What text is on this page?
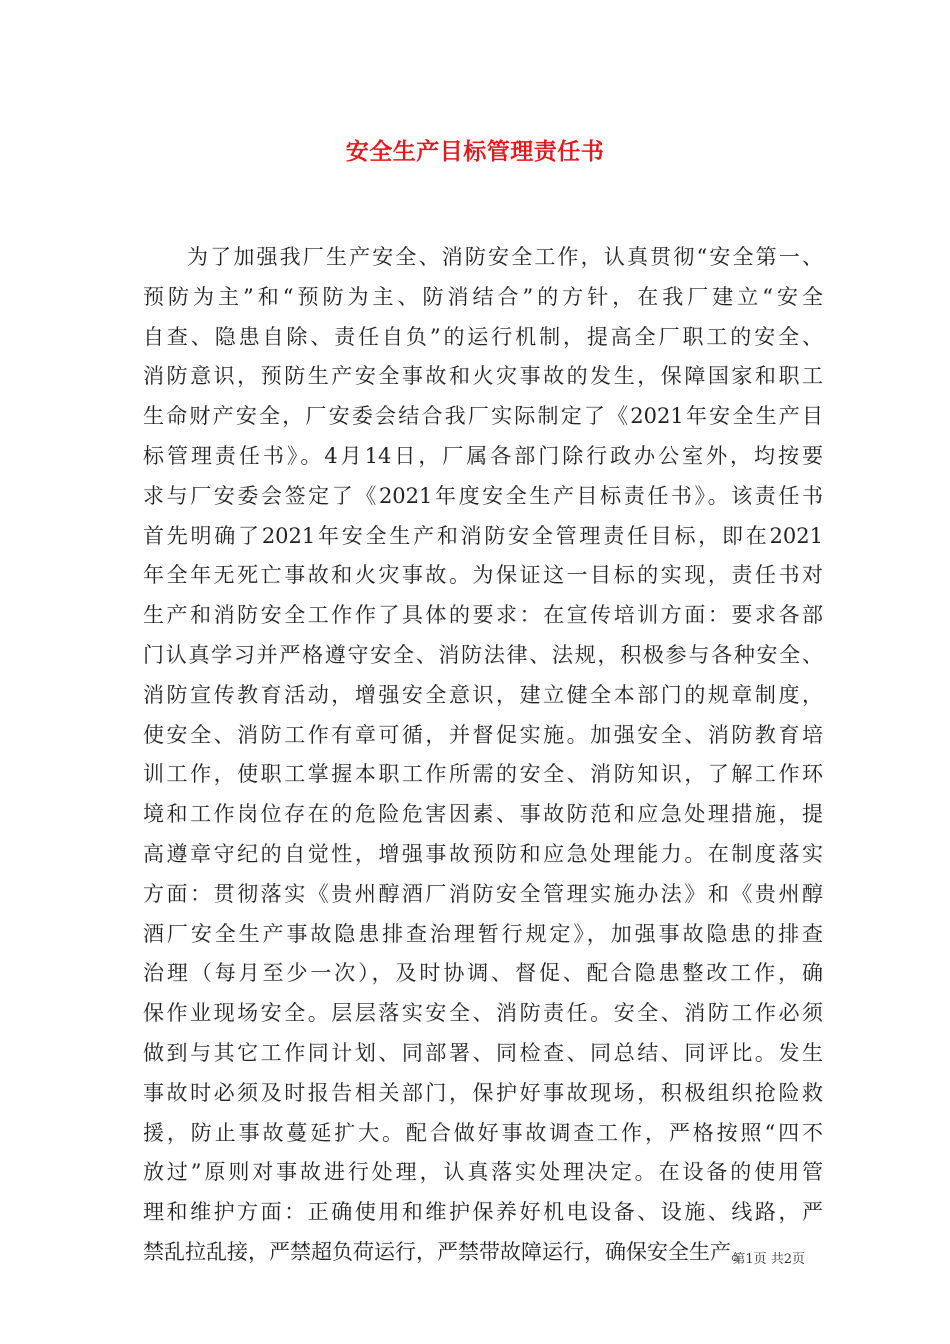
安全生产目标管理责任书
为了加强我厂生产安全、消防安全工作，认真贯彻“安全第一、
预防为主”和“预防为主、防消结合”的方针，在我厂建立“安全
自查、隐患自除、责任自负”的运行机制，提高全厂职工的安全、
消防意识，预防生产安全事故和火灾事故的发生，保障国家和职工
生命财产安全，厂安委会结合我厂实际制定了《2021年安全生产目
标管理责任书》。4月14日，厂属各部门除行政办公室外，均按要
求与厂安委会签定了《2021年度安全生产目标责任书》。该责任书
首先明确了2021年安全生产和消防安全管理责任目标，即在2021
年全年无死亡事故和火灾事故。为保证这一目标的实现，责任书对
生产和消防安全工作作了具体的要求：在宣传培训方面：要求各部
门认真学习并严格遵守安全、消防法律、法规，积极参与各种安全、
消防宣传教育活动，增强安全意识，建立健全本部门的规章制度，
使安全、消防工作有章可循，并督促实施。加强安全、消防教育培
训工作，使职工掌握本职工作所需的安全、消防知识，了解工作环
境和工作岗位存在的危险危害因素、事故防范和应急处理措施，提
高遵章守纪的自觉性，增强事故预防和应急处理能力。在制度落实
方面：贯彻落实《贵州醇酒厂消防安全管理实施办法》和《贵州醇
酒厂安全生产事故隐患排查治理暂行规定》，加强事故隐患的排查
治理（每月至少一次），及时协调、督促、配合隐患整改工作，确
保作业现场安全。层层落实安全、消防责任。安全、消防工作必须
做到与其它工作同计划、同部署、同检查、同总结、同评比。发生
事故时必须及时报告相关部门，保护好事故现场，积极组织抢险救
援，防止事故蔓延扩大。配合做好事故调查工作，严格按照“四不
放过”原则对事故进行处理，认真落实处理决定。在设备的使用管
理和维护方面：正确使用和维护保养好机电设备、设施、线路，严
禁乱拉乱接，严禁超负荷运行，严禁带故障运行，确保安全生产。
第1页 共2页
